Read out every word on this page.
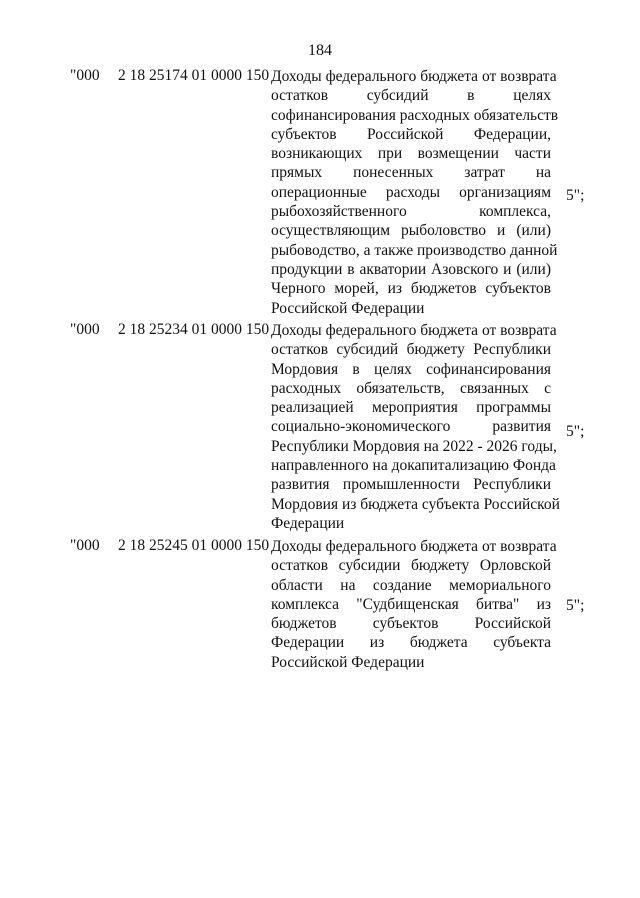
184
"000 2 18 25174 01 0000 150 Доходы федерального бюджета от возврата
остатков субсидий в целях
софинансирования расходных обязательств
субъектов Российской Федерации,
возникающих при возмещении части
прямых понесенных затрат на
операционные расходы организациям
рыбохозяйственного комплекса,
осуществляющим рыболовство и (или)
рыбоводство, а также производство данной
продукции в акватории Азовского и (или)
Черного морей, из бюджетов субъектов
Российской Федерации
5";
"000 2 18 25234 01 0000 150 Доходы федерального бюджета от возврата
остатков субсидий бюджету Республики
Мордовия в целях софинансирования
расходных обязательств, связанных с
реализацией мероприятия программы
социально-экономического развития
Республики Мордовия на 2022 - 2026 годы,
направленного на докапитализацию Фонда
развития промышленности Республики
Мордовия из бюджета субъекта Российской
Федерации
5";
"000 2 18 25245 01 0000 150 Доходы федерального бюджета от возврата
остатков субсидии бюджету Орловской
области на создание мемориального
комплекса "Судбищенская битва" из
бюджетов субъектов Российской
Федерации из бюджета субъекта
Российской Федерации
5";
